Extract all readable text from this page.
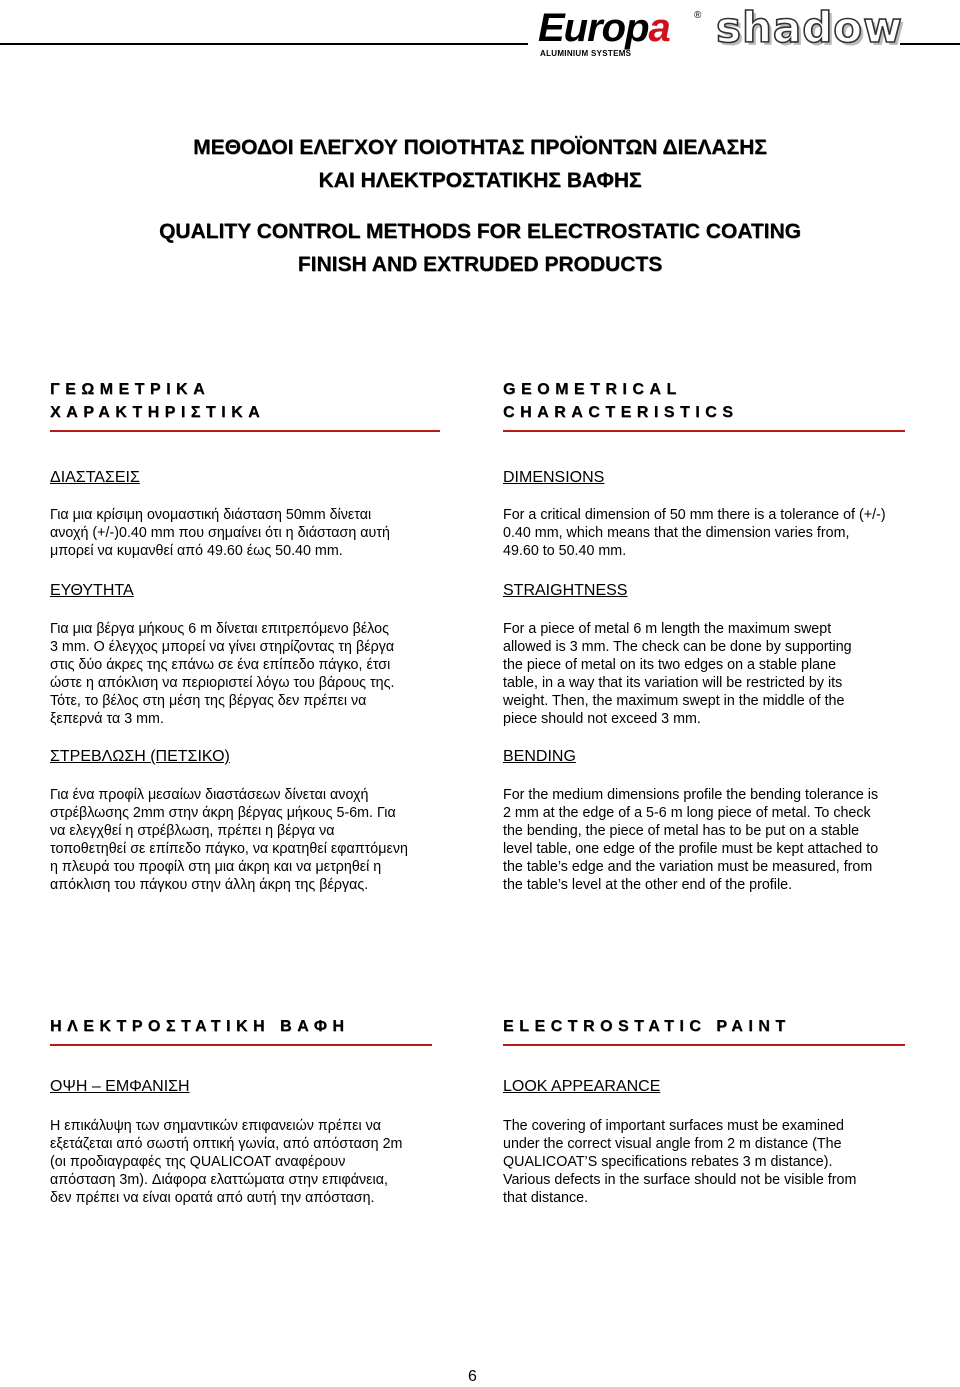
Europa ®
ALUMINIUM SYSTEMS
shadow
ΜΕΘΟΔΟΙ ΕΛΕΓΧΟΥ ΠΟΙΟΤΗΤΑΣ ΠΡΟΪΟΝΤΩΝ ΔΙΕΛΑΣΗΣ
ΚΑΙ ΗΛΕΚΤΡΟΣΤΑΤΙΚΗΣ ΒΑΦΗΣ
QUALITY CONTROL METHODS FOR ELECTROSTATIC COATING
FINISH AND EXTRUDED PRODUCTS
ΓΕΩΜΕΤΡΙΚΑ
ΧΑΡΑΚΤΗΡΙΣΤΙΚΑ
GEOMETRICAL
CHARACTERISTICS
ΔΙΑΣΤΑΣΕΙΣ
Για μια κρίσιμη ονομαστική διάσταση 50mm δίνεται
ανοχή (+/-)0.40 mm που σημαίνει ότι η διάσταση αυτή
μπορεί να κυμανθεί από 49.60 έως 50.40 mm.
ΕΥΘΥΤΗΤΑ
Για μια βέργα μήκους 6 m δίνεται επιτρεπόμενο βέλος
3 mm. Ο έλεγχος μπορεί να γίνει στηρίζοντας τη βέργα
στις δύο άκρες της επάνω σε ένα επίπεδο πάγκο, έτσι
ώστε η απόκλιση να περιοριστεί λόγω του βάρους της.
Τότε, το βέλος στη μέση της βέργας δεν πρέπει να
ξεπερνά τα 3 mm.
ΣΤΡΕΒΛΩΣΗ (ΠΕΤΣΙΚΟ)
Για ένα προφίλ μεσαίων διαστάσεων δίνεται ανοχή
στρέβλωσης 2mm στην άκρη βέργας μήκους 5-6m. Για
να ελεγχθεί η στρέβλωση, πρέπει η βέργα να
τοποθετηθεί σε επίπεδο πάγκο, να κρατηθεί εφαπτόμενη
η πλευρά του προφίλ στη μια άκρη και να μετρηθεί η
απόκλιση του πάγκου στην άλλη άκρη της βέργας.
DIMENSIONS
For a critical dimension of 50 mm there is a tolerance of (+/-)
0.40 mm, which means that the dimension varies from,
49.60 to 50.40 mm.
STRAIGHTNESS
For a piece of metal 6 m length the maximum swept
allowed is 3 mm. The check can be done by supporting
the piece of metal on its two edges on a stable plane
table, in a way that its variation will be restricted by its
weight. Then, the maximum swept in the middle of the
piece should not exceed 3 mm.
BENDING
For the medium dimensions profile the bending tolerance is
2 mm at the edge of a 5-6 m long piece of metal. To check
the bending, the piece of metal has to be put on a stable
level table, one edge of the profile must be kept attached to
the table’s edge and the variation must be measured, from
the table’s level at the other end of the profile.
ΗΛΕΚΤΡΟΣΤΑΤΙΚΗ ΒΑΦΗ	ELECTROSTATIC PAINT
ΟΨΗ – ΕΜΦΑΝΙΣΗ
Η επικάλυψη των σημαντικών επιφανειών πρέπει να
εξετάζεται από σωστή οπτική γωνία, από απόσταση 2m
(οι προδιαγραφές της QUALICOAT αναφέρουν
απόσταση 3m). Διάφορα ελαττώματα στην επιφάνεια,
δεν πρέπει να είναι ορατά από αυτή την απόσταση.
LOOK APPEARANCE
The covering of important surfaces must be examined
under the correct visual angle from 2 m distance (The
QUALICOAT’S specifications rebates 3 m distance).
Various defects in the surface should not be visible from
that distance.
6
